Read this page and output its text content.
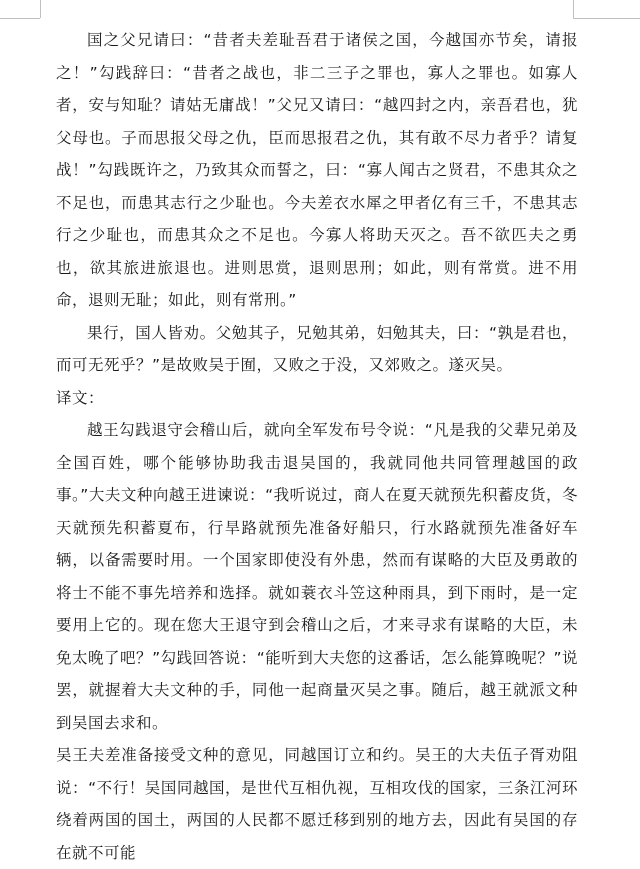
国之父兄请曰：“昔者夫差耻吾君于诸侯之国，今越国亦节矣，请报之！”勾践辞曰：“昔者之战也，非二三子之罪也，寡人之罪也。如寡人者，安与知耻？请姑无庸战！”父兄又请曰：“越四封之内，亲吾君也，犹父母也。子而思报父母之仇，臣而思报君之仇，其有敢不尽力者乎？请复战！”勾践既许之，乃致其众而誓之，曰：“寡人闻古之贤君，不患其众之不足也，而患其志行之少耻也。今夫差衣水犀之甲者亿有三千，不患其志行之少耻也，而患其众之不足也。今寡人将助天灭之。吾不欲匹夫之勇也，欲其旅进旅退也。进则思赏，退则思刑；如此，则有常赏。进不用命，退则无耻；如此，则有常刑。”

果行，国人皆劝。父勉其子，兄勉其弟，妇勉其夫，曰：“孰是君也，而可无死乎？”是故败吴于囿，又败之于没，又郊败之。遂灭吴。

译文：

越王勾践退守会稽山后，就向全军发布号令说：“凡是我的父辈兄弟及全国百姓，哪个能够协助我击退吴国的，我就同他共同管理越国的政事。”大夫文种向越王进谏说：“我听说过，商人在夏天就预先积蓄皮货，冬天就预先积蓄夏布，行旱路就预先准备好船只，行水路就预先准备好车辆，以备需要时用。一个国家即使没有外患，然而有谋略的大臣及勇敢的将士不能不事先培养和选择。就如蓑衣斗笠这种雨具，到下雨时，是一定要用上它的。现在您大王退守到会稽山之后，才来寻求有谋略的大臣，未免太晚了吧？”勾践回答说：“能听到大夫您的这番话，怎么能算晚呢？”说罢，就握着大夫文种的手，同他一起商量灭吴之事。随后，越王就派文种到吴国去求和。

吴王夫差准备接受文种的意见，同越国订立和约。吴王的大夫伍子胥劝阻说：“不行！吴国同越国，是世代互相仇视，互相攻伐的国家，三条江河环绕着两国的国土，两国的人民都不愿迁移到别的地方去，因此有吴国的存在就不可能
